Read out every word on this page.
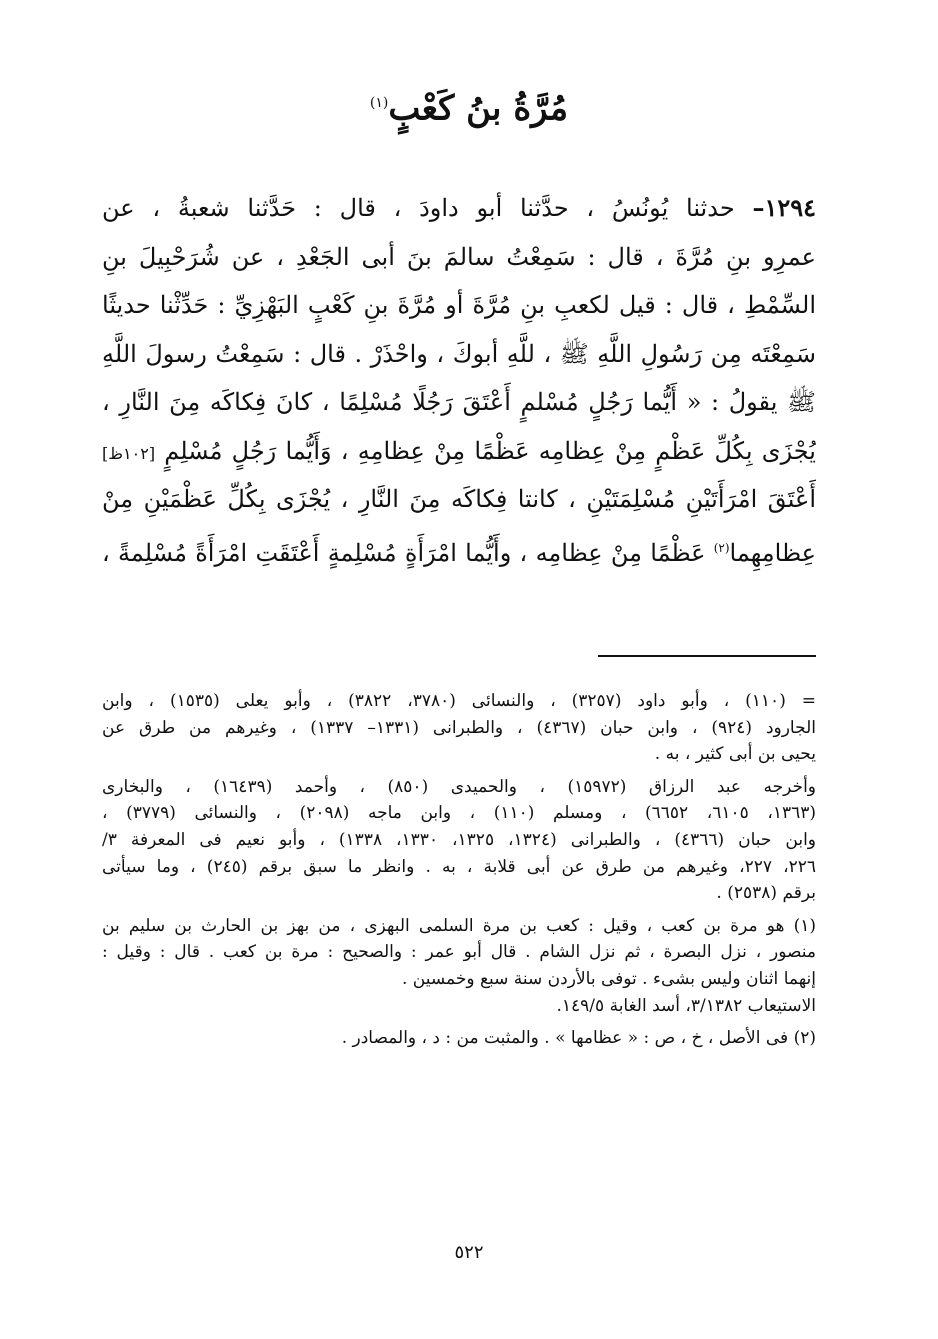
مُرَّةُ بنُ كَعْبٍ$^{(١)}$
١٢٩٤– حدثنا يُونُسُ ، حدَّثنا أبو داودَ ، قال : حَدَّثنا شعبةُ ، عن
عمرِو بنِ مُرَّةَ ، قال : سَمِعْتُ سالمَ بنَ أبى الجَعْدِ ، عن شُرَحْبِيلَ بنِ
السِّمْطِ ، قال : قيل لكعبِ بنِ مُرَّةَ أو مُرَّةَ بنِ كَعْبٍ البَهْزِيِّ : حَدِّثْنا حديثًا
سَمِعْتَه مِن رَسُولِ اللَّهِ ﷺ ، للَّهِ أبوكَ ، واحْذَرْ . قال : سَمِعْتُ رسولَ اللَّهِ
ﷺ يقولُ : « أَيُّما رَجُلٍ مُسْلمٍ أَعْتَقَ رَجُلًا مُسْلِمًا ، كانَ فِكاكَه مِنَ النَّارِ ،
يُجْزَى بِكُلِّ عَظْمٍ مِنْ عِظامِه عَظْمًا مِنْ عِظامِهِ ، وَأَيُّما رَجُلٍ مُسْلِمٍ [١٠٢ظ]
أَعْتَقَ امْرَأَتَيْنِ مُسْلِمَتَيْنِ ، كانتا فِكاكَه مِنَ النَّارِ ، يُجْزَى بِكُلِّ عَظْمَيْنِ مِنْ
عِظامِهِما$^{(٢)}$ عَظْمًا مِنْ عِظامِه ، وأَيُّما امْرَأَةٍ مُسْلِمةٍ أَعْتَقَتِ امْرَأَةً مُسْلِمةً ،
= (١١٠) ، وأبو داود (٣٢٥٧) ، والنسائى (٣٧٨٠، ٣٨٢٢) ، وأبو يعلى (١٥٣٥) ، وابن
الجارود (٩٢٤) ، وابن حبان (٤٣٦٧) ، والطبرانى (١٣٣١– ١٣٣٧) ، وغيرهم من طرق عن
يحيى بن أبى كثير ، به .
وأخرجه عبد الرزاق (١٥٩٧٢) ، والحميدى (٨٥٠) ، وأحمد (١٦٤٣٩) ، والبخارى
(١٣٦٣، ٦١٠٥، ٦٦٥٢) ، ومسلم (١١٠) ، وابن ماجه (٢٠٩٨) ، والنسائى (٣٧٧٩) ،
وابن حبان (٤٣٦٦) ، والطبرانى (١٣٢٤، ١٣٢٥، ١٣٣٠، ١٣٣٨) ، وأبو نعيم فى المعرفة ٣/
٢٢٦، ٢٢٧، وغيرهم من طرق عن أبى قلابة ، به . وانظر ما سبق برقم (٢٤٥) ، وما سيأتى
برقم (٢٥٣٨) .
(١) هو مرة بن كعب ، وقيل : كعب بن مرة السلمى البهزى ، من بهز بن الحارث بن سليم بن
منصور ، نزل البصرة ، ثم نزل الشام . قال أبو عمر : والصحيح : مرة بن كعب . قال : وقيل :
إنهما اثنان وليس بشىء . توفى بالأردن سنة سبع وخمسين .
الاستيعاب ٣/١٣٨٢، أسد الغابة ١٤٩/٥.
(٢) فى الأصل ، خ ، ص : « عظامها » . والمثبت من : د ، والمصادر .
٥٢٢
